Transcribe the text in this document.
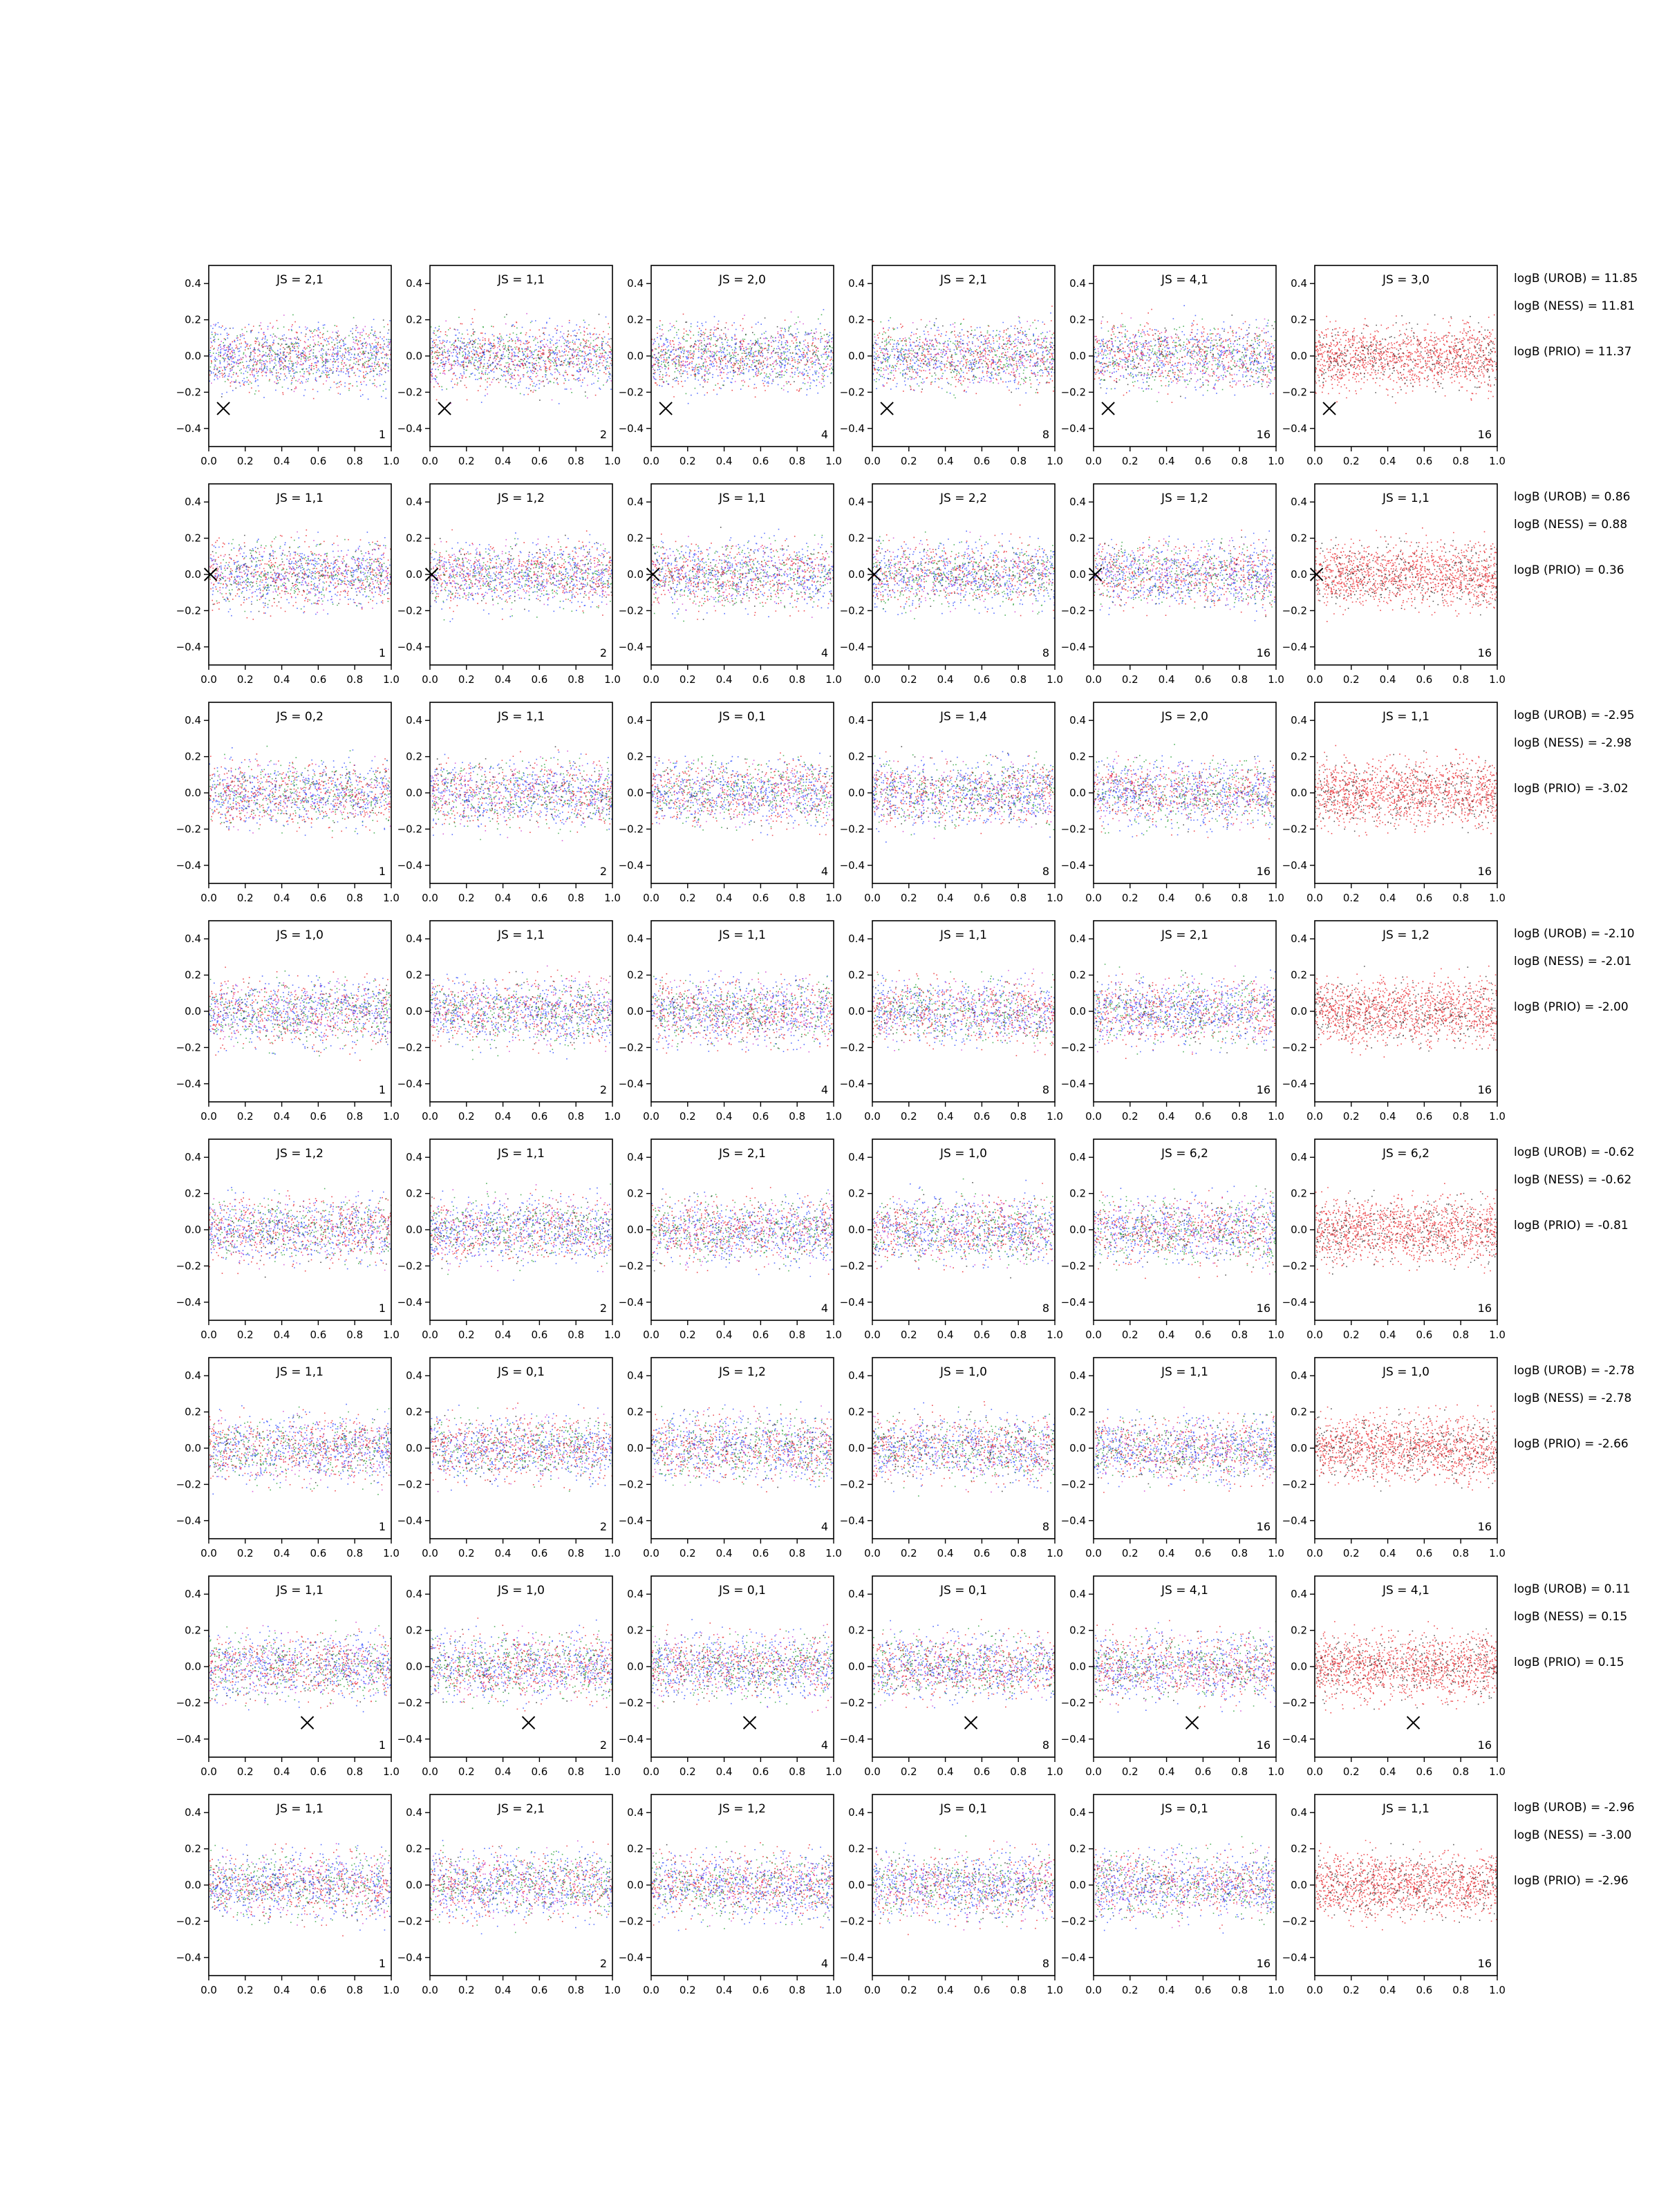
0.0 0.2 0.4 0.6 0.8 1.0
−0.4
−0.2
0.0
0.2
0.4	JS = 2,1
1
0.0 0.2 0.4 0.6 0.8 1.0
−0.4
−0.2
0.0
0.2
0.4	JS = 1,1
2
0.0 0.2 0.4 0.6 0.8 1.0
−0.4
−0.2
0.0
0.2
0.4	JS = 2,0
4
0.0 0.2 0.4 0.6 0.8 1.0
−0.4
−0.2
0.0
0.2
0.4	JS = 2,1
8
0.0 0.2 0.4 0.6 0.8 1.0
−0.4
−0.2
0.0
0.2
0.4	JS = 4,1
16
0.0 0.2 0.4 0.6 0.8 1.0
−0.4
−0.2
0.0
0.2
0.4	JS = 3,0
16
logB (UROB) = 11.85
logB (NESS) = 11.81
logB (PRIO) = 11.37
0.0 0.2 0.4 0.6 0.8 1.0
−0.4
−0.2
0.0
0.2
0.4	JS = 1,1
1
0.0 0.2 0.4 0.6 0.8 1.0
−0.4
−0.2
0.0
0.2
0.4	JS = 1,2
2
0.0 0.2 0.4 0.6 0.8 1.0
−0.4
−0.2
0.0
0.2
0.4	JS = 1,1
4
0.0 0.2 0.4 0.6 0.8 1.0
−0.4
−0.2
0.0
0.2
0.4	JS = 2,2
8
0.0 0.2 0.4 0.6 0.8 1.0
−0.4
−0.2
0.0
0.2
0.4	JS = 1,2
16
0.0 0.2 0.4 0.6 0.8 1.0
−0.4
−0.2
0.0
0.2
0.4	JS = 1,1
16
logB (UROB) = 0.86
logB (NESS) = 0.88
logB (PRIO) = 0.36
0.0 0.2 0.4 0.6 0.8 1.0
−0.4
−0.2
0.0
0.2
0.4	JS = 0,2
1
0.0 0.2 0.4 0.6 0.8 1.0
−0.4
−0.2
0.0
0.2
0.4	JS = 1,1
2
0.0 0.2 0.4 0.6 0.8 1.0
−0.4
−0.2
0.0
0.2
0.4	JS = 0,1
4
0.0 0.2 0.4 0.6 0.8 1.0
−0.4
−0.2
0.0
0.2
0.4	JS = 1,4
8
0.0 0.2 0.4 0.6 0.8 1.0
−0.4
−0.2
0.0
0.2
0.4	JS = 2,0
16
0.0 0.2 0.4 0.6 0.8 1.0
−0.4
−0.2
0.0
0.2
0.4	JS = 1,1
16
logB (UROB) = -2.95
logB (NESS) = -2.98
logB (PRIO) = -3.02
0.0 0.2 0.4 0.6 0.8 1.0
−0.4
−0.2
0.0
0.2
0.4	JS = 1,0
1
0.0 0.2 0.4 0.6 0.8 1.0
−0.4
−0.2
0.0
0.2
0.4	JS = 1,1
2
0.0 0.2 0.4 0.6 0.8 1.0
−0.4
−0.2
0.0
0.2
0.4	JS = 1,1
4
0.0 0.2 0.4 0.6 0.8 1.0
−0.4
−0.2
0.0
0.2
0.4	JS = 1,1
8
0.0 0.2 0.4 0.6 0.8 1.0
−0.4
−0.2
0.0
0.2
0.4	JS = 2,1
16
0.0 0.2 0.4 0.6 0.8 1.0
−0.4
−0.2
0.0
0.2
0.4	JS = 1,2
16
logB (UROB) = -2.10
logB (NESS) = -2.01
logB (PRIO) = -2.00
0.0 0.2 0.4 0.6 0.8 1.0
−0.4
−0.2
0.0
0.2
0.4	JS = 1,2
1
0.0 0.2 0.4 0.6 0.8 1.0
−0.4
−0.2
0.0
0.2
0.4	JS = 1,1
2
0.0 0.2 0.4 0.6 0.8 1.0
−0.4
−0.2
0.0
0.2
0.4	JS = 2,1
4
0.0 0.2 0.4 0.6 0.8 1.0
−0.4
−0.2
0.0
0.2
0.4	JS = 1,0
8
0.0 0.2 0.4 0.6 0.8 1.0
−0.4
−0.2
0.0
0.2
0.4	JS = 6,2
16
0.0 0.2 0.4 0.6 0.8 1.0
−0.4
−0.2
0.0
0.2
0.4	JS = 6,2
16
logB (UROB) = -0.62
logB (NESS) = -0.62
logB (PRIO) = -0.81
0.0 0.2 0.4 0.6 0.8 1.0
−0.4
−0.2
0.0
0.2
0.4	JS = 1,1
1
0.0 0.2 0.4 0.6 0.8 1.0
−0.4
−0.2
0.0
0.2
0.4	JS = 0,1
2
0.0 0.2 0.4 0.6 0.8 1.0
−0.4
−0.2
0.0
0.2
0.4	JS = 1,2
4
0.0 0.2 0.4 0.6 0.8 1.0
−0.4
−0.2
0.0
0.2
0.4	JS = 1,0
8
0.0 0.2 0.4 0.6 0.8 1.0
−0.4
−0.2
0.0
0.2
0.4	JS = 1,1
16
0.0 0.2 0.4 0.6 0.8 1.0
−0.4
−0.2
0.0
0.2
0.4	JS = 1,0
16
logB (UROB) = -2.78
logB (NESS) = -2.78
logB (PRIO) = -2.66
0.0 0.2 0.4 0.6 0.8 1.0
−0.4
−0.2
0.0
0.2
0.4	JS = 1,1
1
0.0 0.2 0.4 0.6 0.8 1.0
−0.4
−0.2
0.0
0.2
0.4	JS = 1,0
2
0.0 0.2 0.4 0.6 0.8 1.0
−0.4
−0.2
0.0
0.2
0.4	JS = 0,1
4
0.0 0.2 0.4 0.6 0.8 1.0
−0.4
−0.2
0.0
0.2
0.4	JS = 0,1
8
0.0 0.2 0.4 0.6 0.8 1.0
−0.4
−0.2
0.0
0.2
0.4	JS = 4,1
16
0.0 0.2 0.4 0.6 0.8 1.0
−0.4
−0.2
0.0
0.2
0.4	JS = 4,1
16
logB (UROB) = 0.11
logB (NESS) = 0.15
logB (PRIO) = 0.15
0.0 0.2 0.4 0.6 0.8 1.0
−0.4
−0.2
0.0
0.2
0.4	JS = 1,1
1
0.0 0.2 0.4 0.6 0.8 1.0
−0.4
−0.2
0.0
0.2
0.4	JS = 2,1
2
0.0 0.2 0.4 0.6 0.8 1.0
−0.4
−0.2
0.0
0.2
0.4	JS = 1,2
4
0.0 0.2 0.4 0.6 0.8 1.0
−0.4
−0.2
0.0
0.2
0.4	JS = 0,1
8
0.0 0.2 0.4 0.6 0.8 1.0
−0.4
−0.2
0.0
0.2
0.4	JS = 0,1
16
0.0 0.2 0.4 0.6 0.8 1.0
−0.4
−0.2
0.0
0.2
0.4	JS = 1,1
16
logB (UROB) = -2.96
logB (NESS) = -3.00
logB (PRIO) = -2.96
